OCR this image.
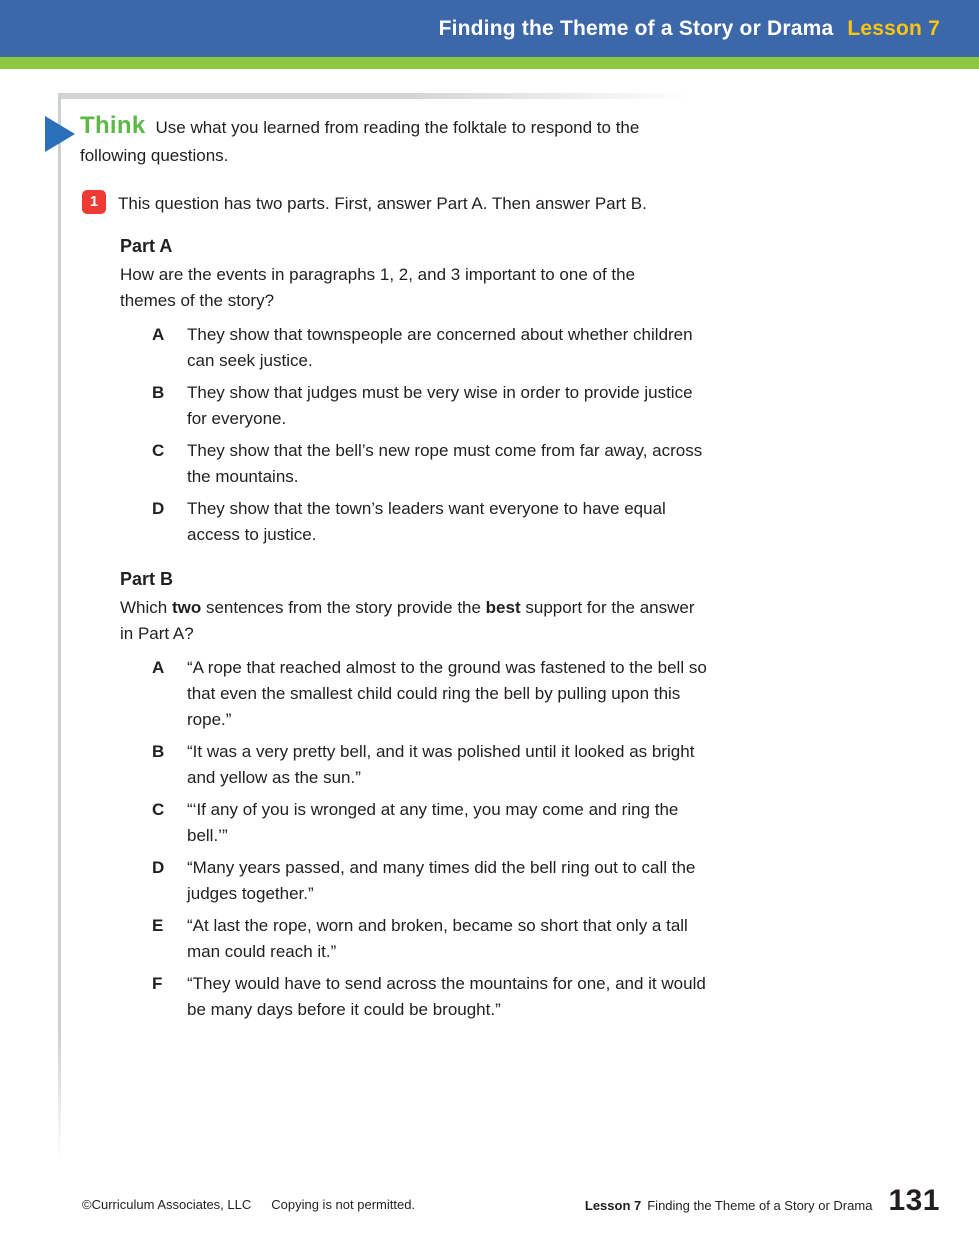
Finding the Theme of a Story or Drama Lesson 7

Think Use what you learned from reading the folktale to respond to the following questions.

1	This question has two parts. First, answer Part A. Then answer Part B.

Part A

How are the events in paragraphs 1, 2, and 3 important to one of the themes of the story?

A	They show that townspeople are concerned about whether children can seek justice.
B	They show that judges must be very wise in order to provide justice for everyone.
C	They show that the bell’s new rope must come from far away, across the mountains.
D	They show that the town’s leaders want everyone to have equal access to justice.
Part B

Which two sentences from the story provide the best support for the answer in Part A?

A	“A rope that reached almost to the ground was fastened to the bell so that even the smallest child could ring the bell by pulling upon this rope.”
B	“It was a very pretty bell, and it was polished until it looked as bright and yellow as the sun.”
C	“‘If any of you is wronged at any time, you may come and ring the bell.’”
D	“Many years passed, and many times did the bell ring out to call the judges together.”
E	“At last the rope, worn and broken, became so short that only a tall man could reach it.”
F	“They would have to send across the mountains for one, and it would be many days before it could be brought.”
©Curriculum Associates, LLC Copying is not permitted.	Lesson 7 Finding the Theme of a Story or Drama 131
